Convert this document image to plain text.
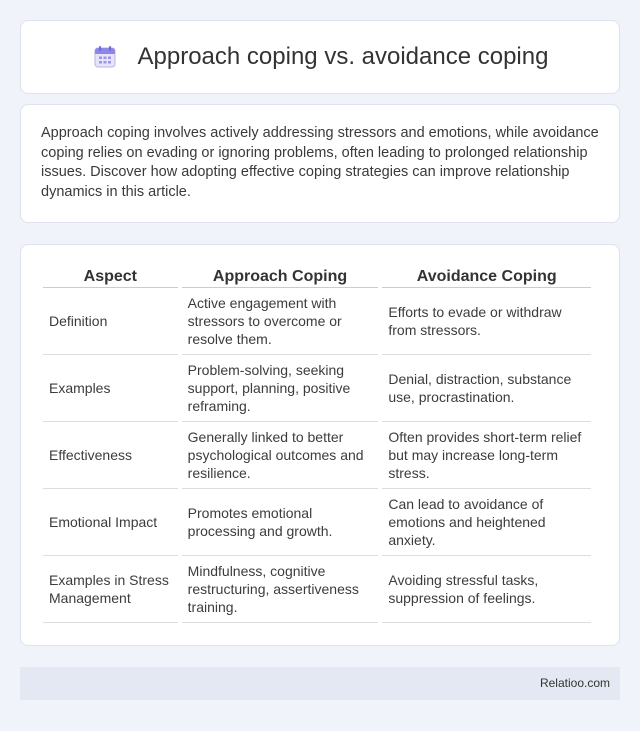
Approach coping vs. avoidance coping

Approach coping involves actively addressing stressors and emotions, while avoidance coping relies on evading or ignoring problems, often leading to prolonged relationship issues. Discover how adopting effective coping strategies can improve relationship dynamics in this article.

Aspect	Approach Coping	Avoidance Coping
Definition	Active engagement with stressors to overcome or resolve them.	Efforts to evade or withdraw from stressors.
Examples	Problem-solving, seeking support, planning, positive reframing.	Denial, distraction, substance use, procrastination.
Effectiveness	Generally linked to better psychological outcomes and resilience.	Often provides short-term relief but may increase long-term stress.
Emotional Impact	Promotes emotional processing and growth.	Can lead to avoidance of emotions and heightened anxiety.
Examples in Stress Management	Mindfulness, cognitive restructuring, assertiveness training.	Avoiding stressful tasks, suppression of feelings.
Relatioo.com
